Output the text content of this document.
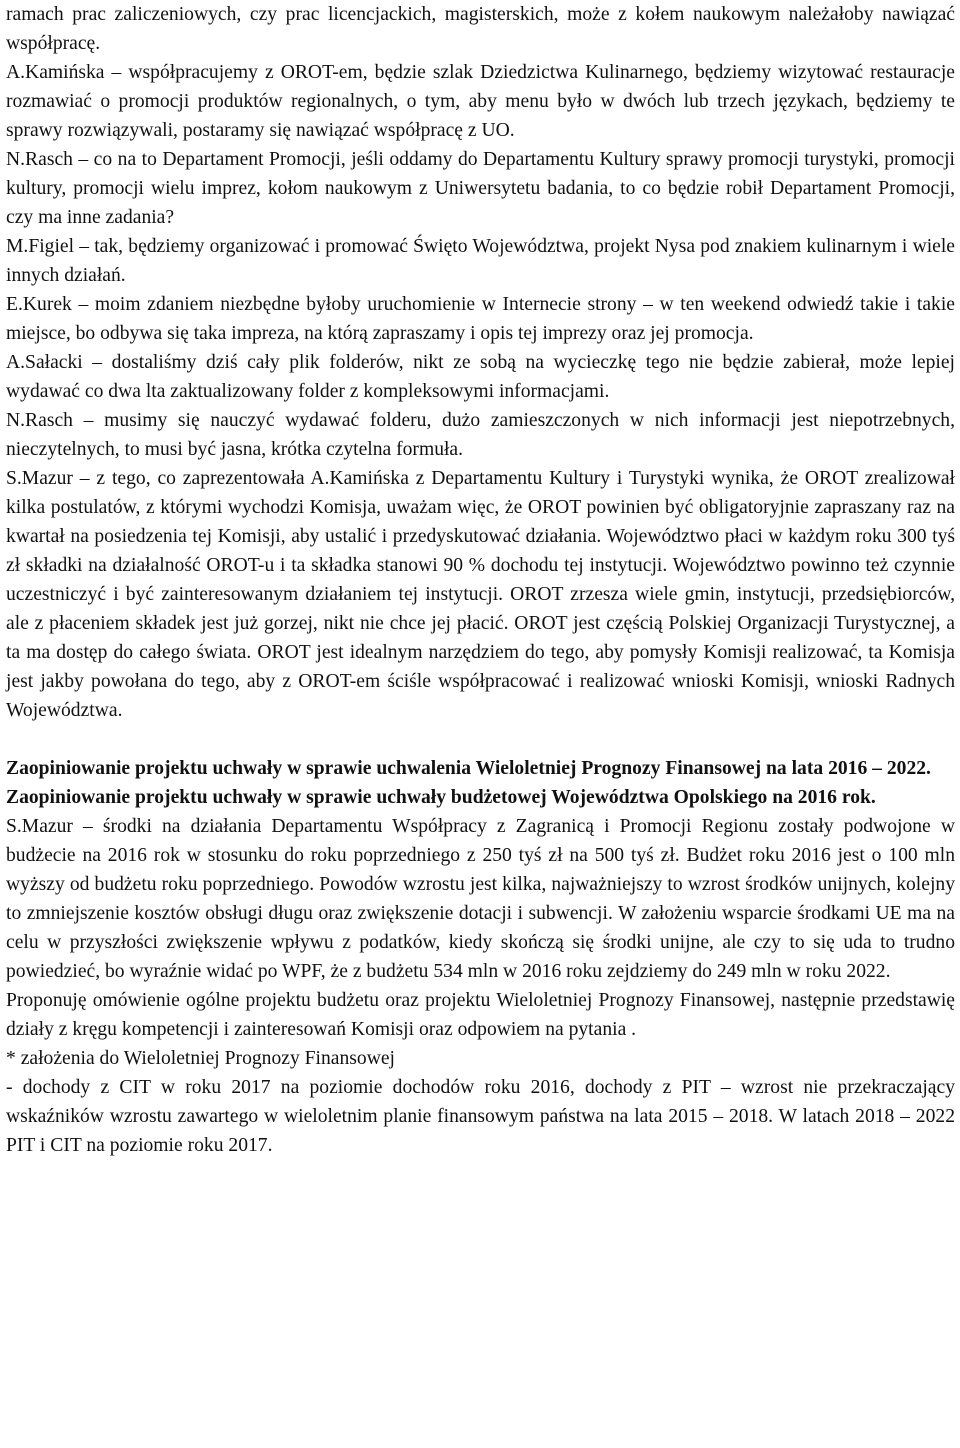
ramach prac zaliczeniowych, czy prac licencjackich, magisterskich, może z kołem naukowym należałoby nawiązać współpracę.

A.Kamińska – współpracujemy z OROT-em, będzie szlak Dziedzictwa Kulinarnego, będziemy wizytować restauracje rozmawiać o promocji produktów regionalnych, o tym, aby menu było w dwóch lub trzech językach, będziemy te sprawy rozwiązywali, postaramy się nawiązać współpracę z UO.

N.Rasch – co na to Departament Promocji, jeśli oddamy do Departamentu Kultury sprawy promocji turystyki, promocji kultury, promocji wielu imprez, kołom naukowym z Uniwersytetu badania, to co będzie robił Departament Promocji, czy ma inne zadania?

M.Figiel – tak, będziemy organizować i promować Święto Województwa, projekt Nysa pod znakiem kulinarnym i wiele innych działań.

E.Kurek – moim zdaniem niezbędne byłoby uruchomienie w Internecie strony – w ten weekend odwiedź takie i takie miejsce, bo odbywa się taka impreza, na którą zapraszamy i opis tej imprezy oraz jej promocja.

A.Sałacki – dostaliśmy dziś cały plik folderów, nikt ze sobą na wycieczkę tego nie będzie zabierał, może lepiej wydawać co dwa lta zaktualizowany folder z kompleksowymi informacjami.

N.Rasch – musimy się nauczyć wydawać folderu, dużo zamieszczonych w nich informacji jest niepotrzebnych, nieczytelnych, to musi być jasna, krótka czytelna formuła.

S.Mazur – z tego, co zaprezentowała A.Kamińska z Departamentu Kultury i Turystyki wynika, że OROT zrealizował kilka postulatów, z którymi wychodzi Komisja, uważam więc, że OROT powinien być obligatoryjnie zapraszany raz na kwartał na posiedzenia tej Komisji, aby ustalić i przedyskutować działania. Województwo płaci w każdym roku 300 tyś zł składki na działalność OROT-u i ta składka stanowi 90 % dochodu tej instytucji. Województwo powinno też czynnie uczestniczyć i być zainteresowanym działaniem tej instytucji. OROT zrzesza wiele gmin, instytucji, przedsiębiorców, ale z płaceniem składek jest już gorzej, nikt nie chce jej płacić. OROT jest częścią Polskiej Organizacji Turystycznej, a ta ma dostęp do całego świata. OROT jest idealnym narzędziem do tego, aby pomysły Komisji realizować, ta Komisja jest jakby powołana do tego, aby z OROT-em ściśle współpracować i realizować wnioski Komisji, wnioski Radnych Województwa.

Zaopiniowanie projektu uchwały w sprawie uchwalenia Wieloletniej Prognozy Finansowej na lata 2016 – 2022.

Zaopiniowanie projektu uchwały w sprawie uchwały budżetowej Województwa Opolskiego na 2016 rok.

S.Mazur – środki na działania Departamentu Współpracy z Zagranicą i Promocji Regionu zostały podwojone w budżecie na 2016 rok w stosunku do roku poprzedniego z 250 tyś zł na 500 tyś zł. Budżet roku 2016 jest o 100 mln wyższy od budżetu roku poprzedniego. Powodów wzrostu jest kilka, najważniejszy to wzrost środków unijnych, kolejny to zmniejszenie kosztów obsługi długu oraz zwiększenie dotacji i subwencji. W założeniu wsparcie środkami UE ma na celu w przyszłości zwiększenie wpływu z podatków, kiedy skończą się środki unijne, ale czy to się uda to trudno powiedzieć, bo wyraźnie widać po WPF, że z budżetu 534 mln w 2016 roku zejdziemy do 249 mln w roku 2022.

Proponuję omówienie ogólne projektu budżetu oraz projektu Wieloletniej Prognozy Finansowej, następnie przedstawię działy z kręgu kompetencji i zainteresowań Komisji oraz odpowiem na pytania .

* założenia do Wieloletniej Prognozy Finansowej

- dochody z CIT w roku 2017 na poziomie dochodów roku 2016, dochody z PIT – wzrost nie przekraczający wskaźników wzrostu zawartego w wieloletnim planie finansowym państwa na lata 2015 – 2018. W latach 2018 – 2022 PIT i CIT na poziomie roku 2017.
